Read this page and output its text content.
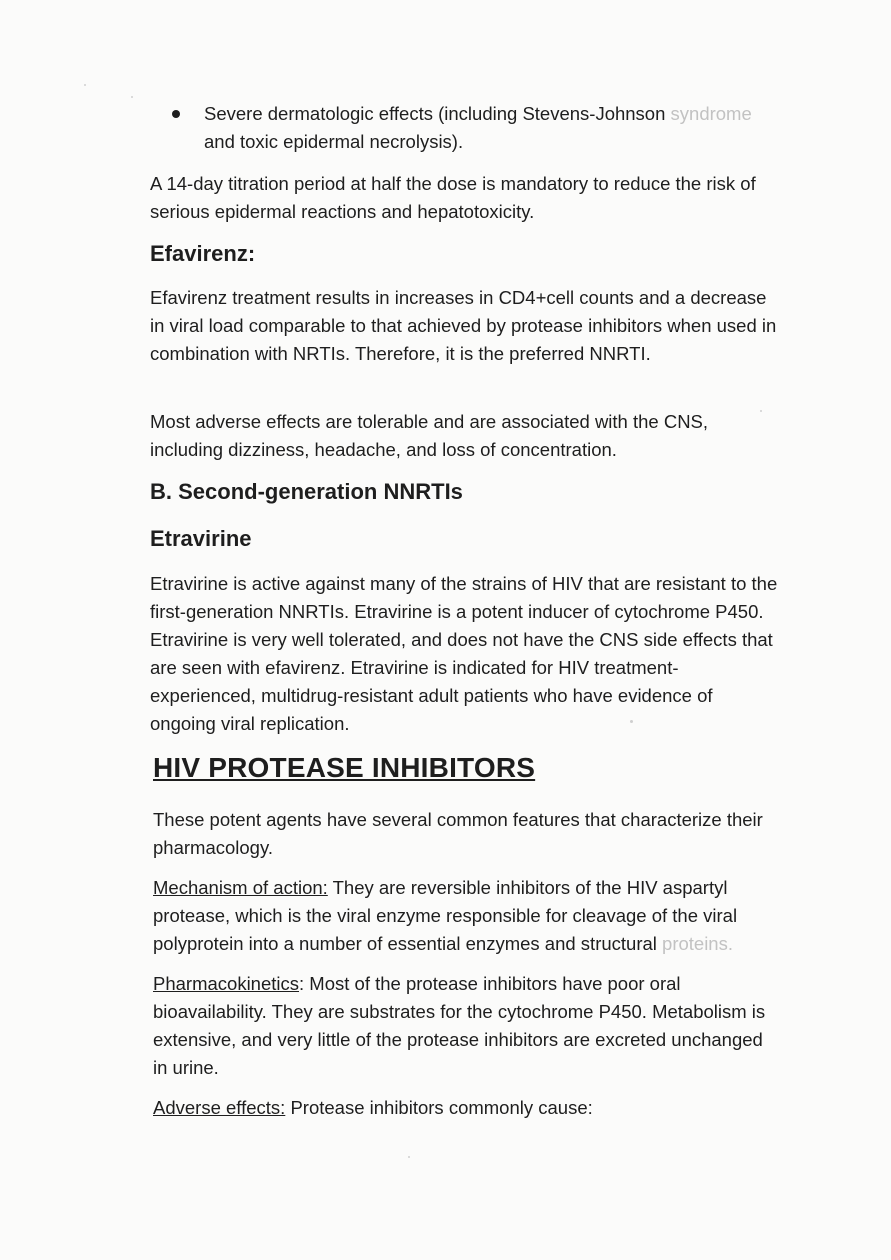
Severe dermatologic effects (including Stevens-Johnson syndrome
and toxic epidermal necrolysis).

A 14-day titration period at half the dose is mandatory to reduce the risk of serious epidermal reactions and hepatotoxicity.

Efavirenz:

Efavirenz treatment results in increases in CD4+cell counts and a decrease in viral load comparable to that achieved by protease inhibitors when used in combination with NRTIs. Therefore, it is the preferred NNRTI.

Most adverse effects are tolerable and are associated with the CNS, including dizziness, headache, and loss of concentration.

B. Second-generation NNRTIs
Etravirine

Etravirine is active against many of the strains of HIV that are resistant to the first-generation NNRTIs. Etravirine is a potent inducer of cytochrome P450. Etravirine is very well tolerated, and does not have the CNS side effects that are seen with efavirenz. Etravirine is indicated for HIV treatment-experienced, multidrug-resistant adult patients who have evidence of ongoing viral replication.

HIV PROTEASE INHIBITORS

These potent agents have several common features that characterize their pharmacology.

Mechanism of action: They are reversible inhibitors of the HIV aspartyl protease, which is the viral enzyme responsible for cleavage of the viral polyprotein into a number of essential enzymes and structural proteins.

Pharmacokinetics: Most of the protease inhibitors have poor oral bioavailability. They are substrates for the cytochrome P450. Metabolism is extensive, and very little of the protease inhibitors are excreted unchanged in urine.

Adverse effects: Protease inhibitors commonly cause:
